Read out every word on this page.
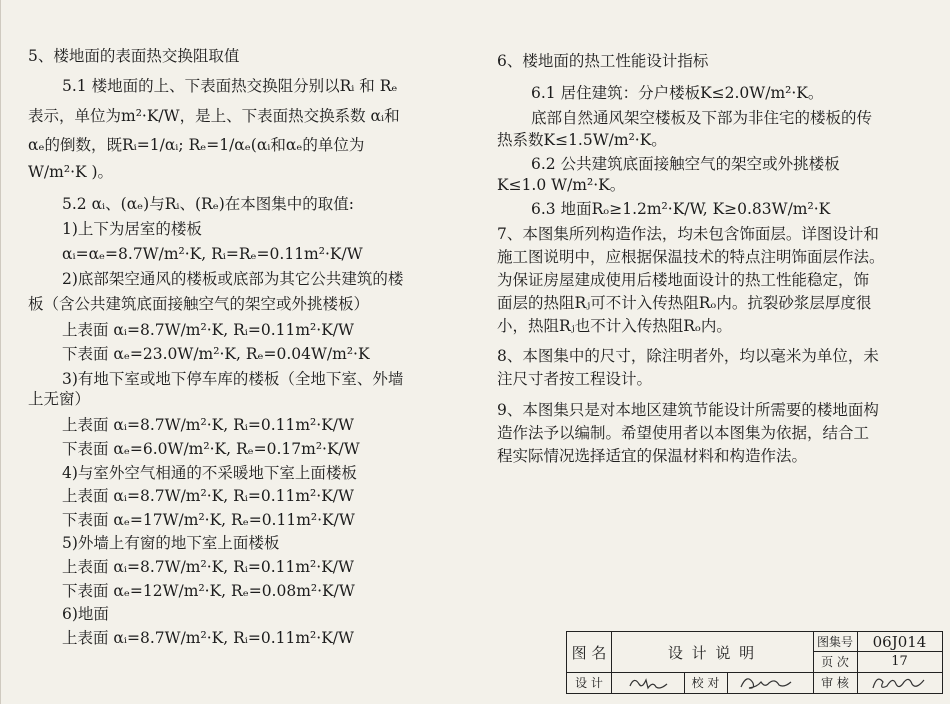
5、楼地面的表面热交换阻取值
5.1 楼地面的上、下表面热交换阻分别以Rᵢ 和 Rₑ
表示，单位为m²·K/W，是上、下表面热交换系数 αᵢ和
αₑ的倒数，既Rᵢ=1/αᵢ; Rₑ=1/αₑ(αᵢ和αₑ的单位为
W/m²·K )。
5.2 αᵢ、(αₑ)与Rᵢ、(Rₑ)在本图集中的取值:
1)上下为居室的楼板
αᵢ=αₑ=8.7W/m²·K, Rᵢ=Rₑ=0.11m²·K/W
2)底部架空通风的楼板或底部为其它公共建筑的楼
板（含公共建筑底面接触空气的架空或外挑楼板）
上表面 αᵢ=8.7W/m²·K, Rᵢ=0.11m²·K/W
下表面 αₑ=23.0W/m²·K, Rₑ=0.04W/m²·K
3)有地下室或地下停车库的楼板（全地下室、外墙
上无窗）
上表面 αᵢ=8.7W/m²·K, Rᵢ=0.11m²·K/W
下表面 αₑ=6.0W/m²·K, Rₑ=0.17m²·K/W
4)与室外空气相通的不采暖地下室上面楼板
上表面 αᵢ=8.7W/m²·K, Rᵢ=0.11m²·K/W
下表面 αₑ=17W/m²·K, Rₑ=0.11m²·K/W
5)外墙上有窗的地下室上面楼板
上表面 αᵢ=8.7W/m²·K, Rᵢ=0.11m²·K/W
下表面 αₑ=12W/m²·K, Rₑ=0.08m²·K/W
6)地面
上表面 αᵢ=8.7W/m²·K, Rᵢ=0.11m²·K/W
6、楼地面的热工性能设计指标
6.1 居住建筑：分户楼板K≤2.0W/m²·K。
底部自然通风架空楼板及下部为非住宅的楼板的传
热系数K≤1.5W/m²·K。
6.2 公共建筑底面接触空气的架空或外挑楼板
K≤1.0 W/m²·K。
6.3 地面Rₒ≥1.2m²·K/W, K≥0.83W/m²·K
7、本图集所列构造作法，均未包含饰面层。详图设计和
施工图说明中，应根据保温技术的特点注明饰面层作法。
为保证房屋建成使用后楼地面设计的热工性能稳定，饰
面层的热阻Rⱼ可不计入传热阻Rₒ内。抗裂砂浆层厚度很
小，热阻Rⱼ也不计入传热阻Rₒ内。
8、本图集中的尺寸，除注明者外，均以毫米为单位，未
注尺寸者按工程设计。
9、本图集只是对本地区建筑节能设计所需要的楼地面构
造作法予以编制。希望使用者以本图集为依据，结合工
程实际情况选择适宜的保温材料和构造作法。
图 名	设 计 说 明
图集号	06J014
页 次	17
设 计	校 对	审 核
